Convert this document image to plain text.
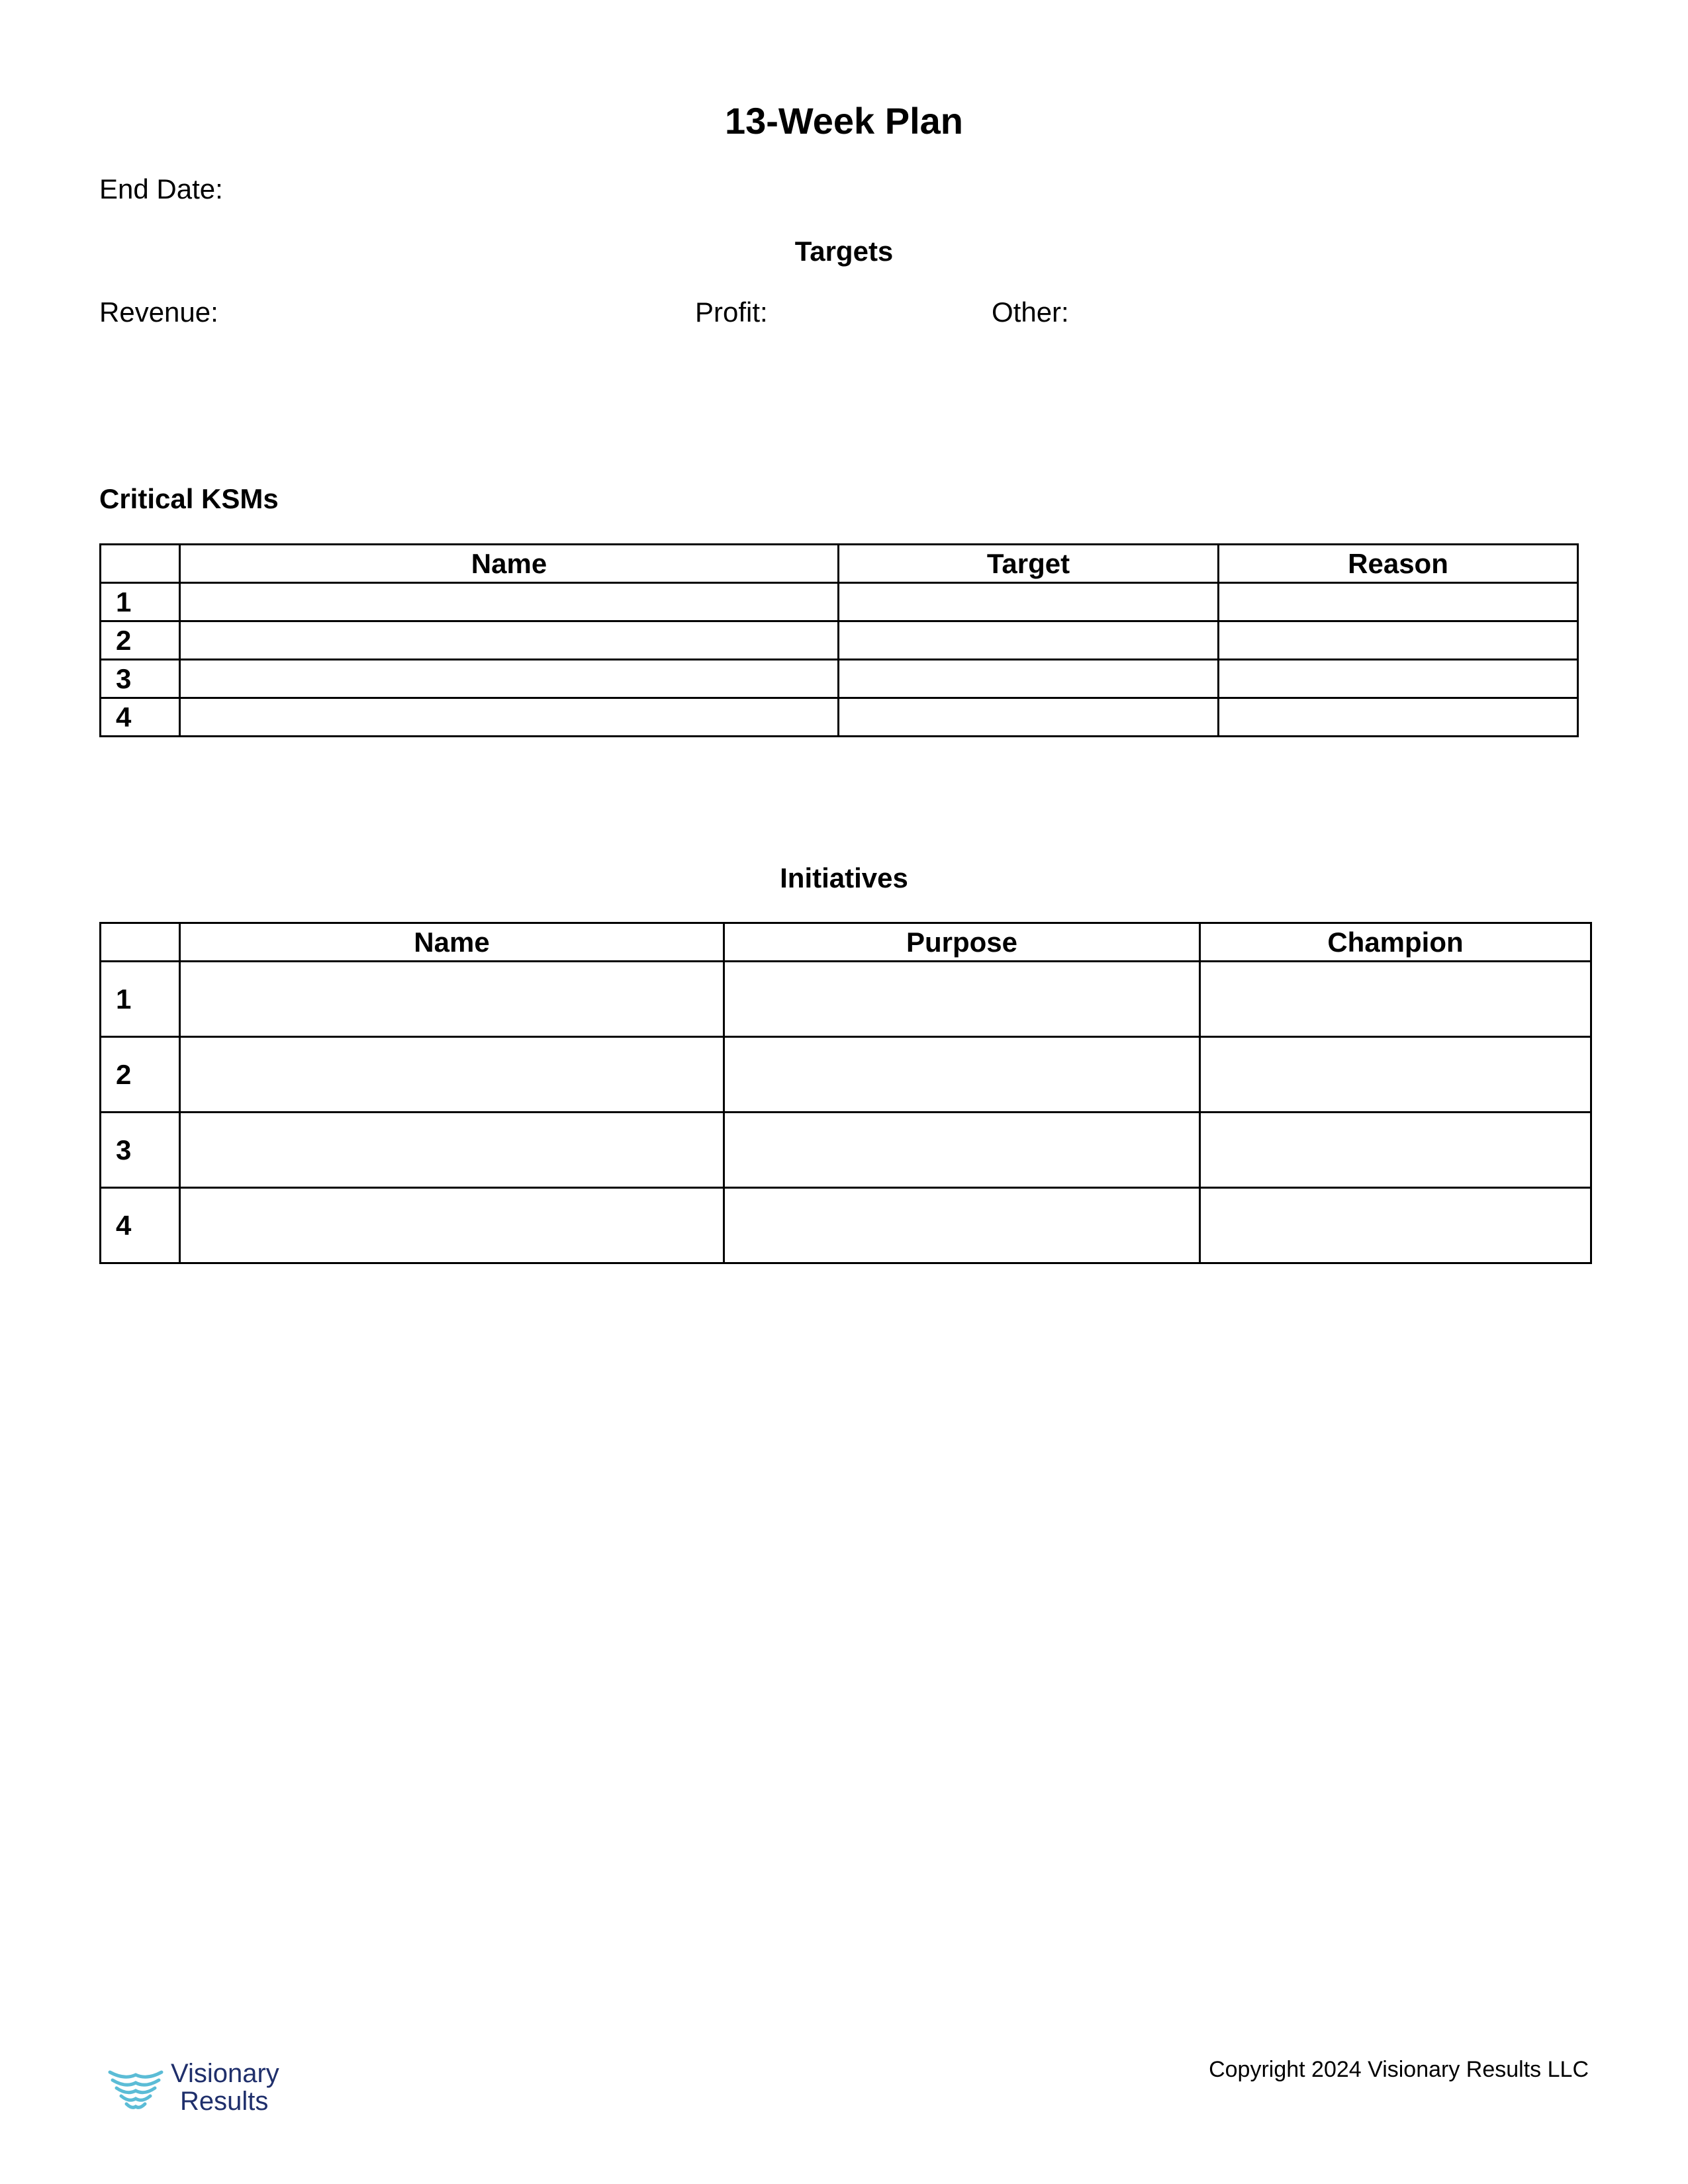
13-Week Plan
End Date:
Targets
Revenue:	Profit:	Other:
Critical KSMs
	Name	Target	Reason
1			
2			
3			
4			
Initiatives
	Name	Purpose	Champion
1			
2			
3			
4			
Visionary
Results
Copyright 2024 Visionary Results LLC
